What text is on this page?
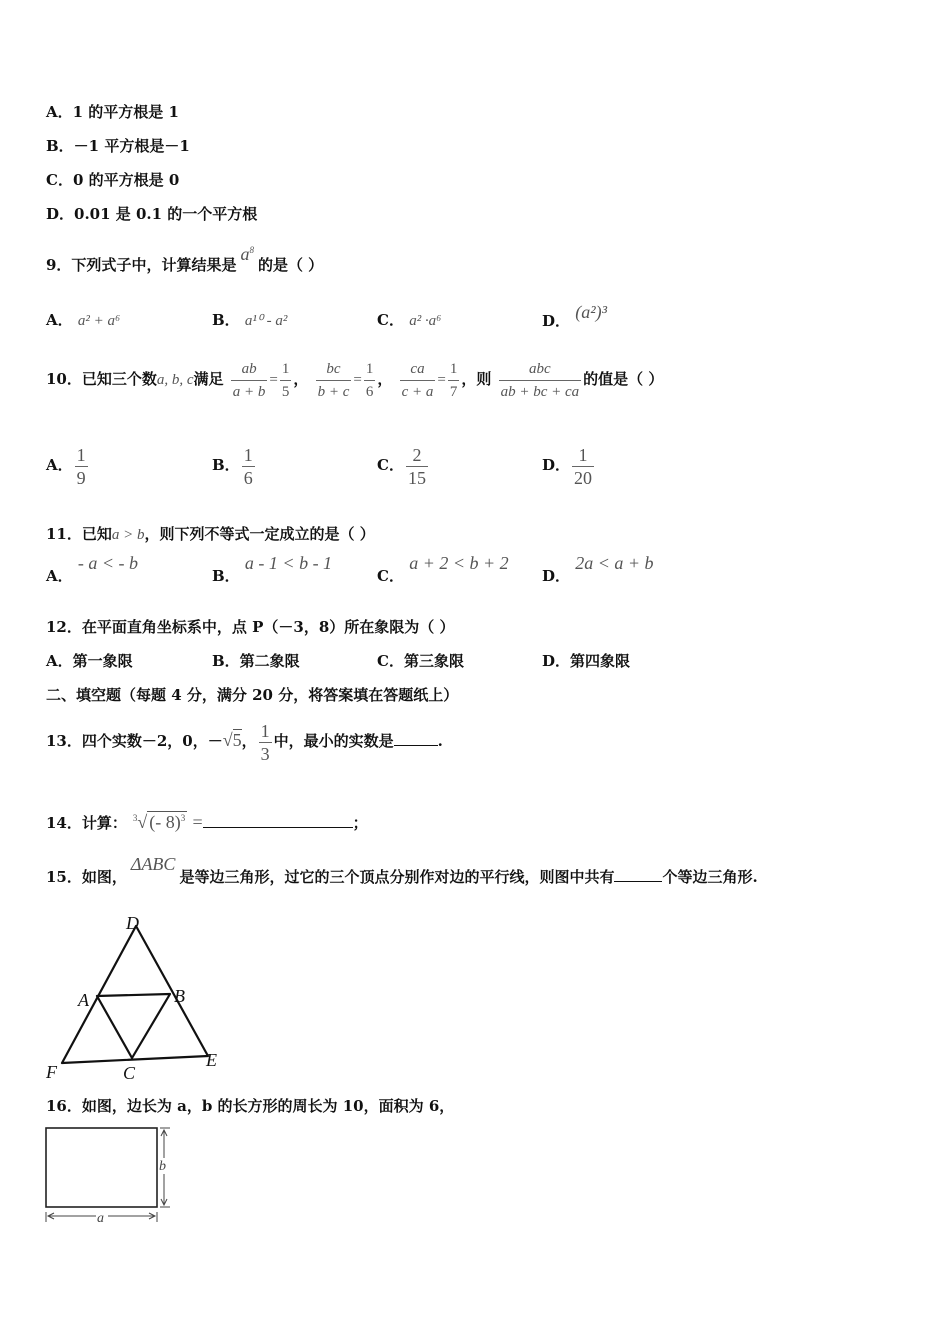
A．1 的平方根是 1
B．－1 平方根是－1
C．0 的平方根是 0
D．0.01 是 0.1 的一个平方根
9．下列式子中，计算结果是$a^8$的是（ ）
A． a² + a⁶	B． a¹⁰ - a²	C． a² ·a⁶	D． (a²)³
10．已知三个数a, b, c满足 $\frac{ab}{a + b} = \frac{1}{5}$ ， $\frac{bc}{b + c} = \frac{1}{6}$ ， $\frac{ca}{c + a} = \frac{1}{7}$ ，则 $\frac{\text{abc}}{ab + bc + ca}$ 的值是（ ）
A． $\frac{1}{9}$	B． $\frac{1}{6}$	C． $\frac{2}{15}$	D． $\frac{1}{20}$
11．已知a > b，则下列不等式一定成立的是（ ）
A． - a < - b
B． a - 1 < b - 1
C． a + 2 < b + 2
D． 2a < a + b
12．在平面直角坐标系中，点 P（－3，8）所在象限为（ ）
A．第一象限	B．第二象限	C．第三象限	D．第四象限
二、填空题（每题 4 分，满分 20 分，将答案填在答题纸上）
13．四个实数－2，0，－√5， $\frac{1}{3}$ 中，最小的实数是	.
14．计算： $^3$√ (- 8)$^3$ =	；
15．如图，ΔABC是等边三角形，过它的三个顶点分别作对边的平行线，则图中共有	个等边三角形.
D
A	B
F	C
E
16．如图，边长为 a，b 的长方形的周长为 10，面积为 6，
a
b
